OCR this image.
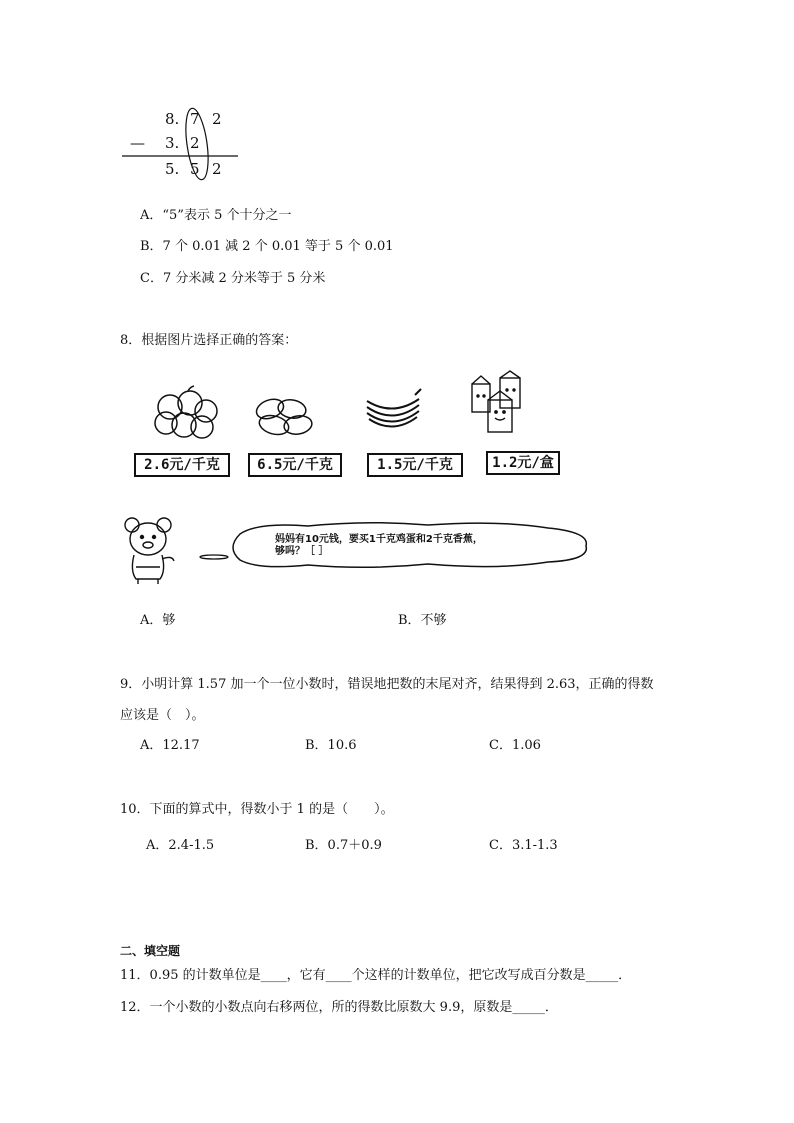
8. 7 2
— 3. 2
5. 5 2
A．“5”表示 5 个十分之一
B．7 个 0.01 减 2 个 0.01 等于 5 个 0.01
C．7 分米减 2 分米等于 5 分米
8．根据图片选择正确的答案：
2.6元/千克	6.5元/千克	1.5元/千克	1.2元/盒
妈妈有10元钱，要买1千克鸡蛋和2千克香蕉，
够吗？［ ］
A．够	B．不够
9．小明计算 1.57 加一个一位小数时，错误地把数的末尾对齐，结果得到 2.63，正确的得数
应该是（　）。
A．12.17	B．10.6	C．1.06
10．下面的算式中，得数小于 1 的是（　　）。
A．2.4-1.5	B．0.7＋0.9	C．3.1-1.3
二、填空题
11．0.95 的计数单位是____，它有____个这样的计数单位，把它改写成百分数是_____．
12．一个小数的小数点向右移两位，所的得数比原数大 9.9，原数是_____．
